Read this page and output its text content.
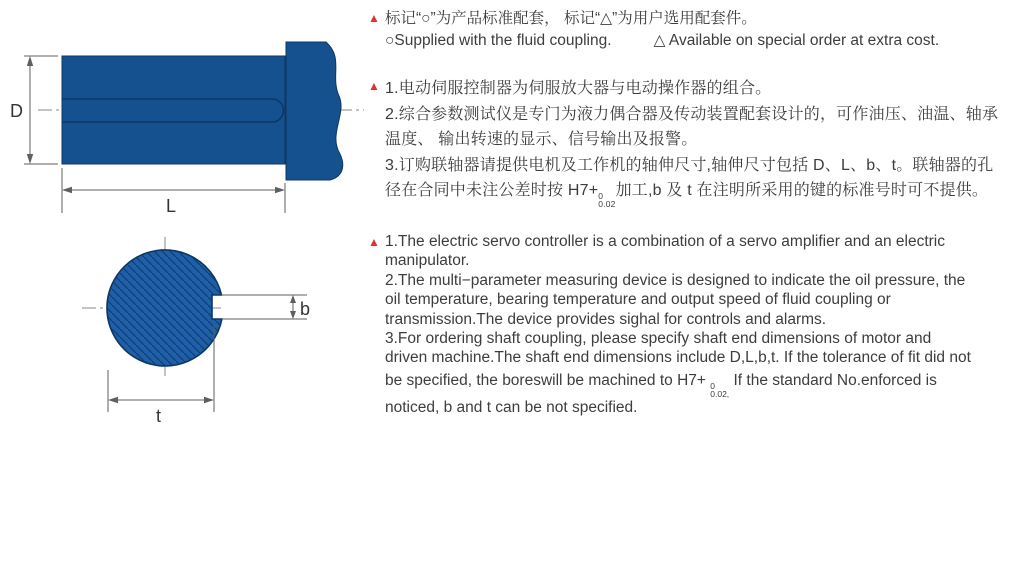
D
L
b
t
▲ 标记“○”为产品标准配套， 标记“△”为用户选用配套件。
○Supplied with the fluid coupling.	△ Available on special order at extra cost.
▲ 1.电动伺服控制器为伺服放大器与电动操作器的组合。
2.综合参数测试仪是专门为液力偶合器及传动装置配套设计的，可作油压、油温、轴承
温度、 输出转速的显示、信号输出及报警。
3.订购联轴器请提供电机及工作机的轴伸尺寸,轴伸尺寸包括 D、L、b、t。联轴器的孔
径在合同中未注公差时按 H7+ 0
0.02
加工,b 及 t 在注明所采用的键的标准号时可不提供。
▲ 1.The electric servo controller is a combination of a servo amplifier and an electric
manipulator.
2.The multi−parameter measuring device is designed to indicate the oil pressure, the
oil temperature, bearing temperature and output speed of fluid coupling or
transmission.The device provides sighal for controls and alarms.
3.For ordering shaft coupling, please specify shaft end dimensions of motor and
driven machine.The shaft end dimensions include D,L,b,t. If the tolerance of fit did not
be specified, the boreswill be machined to H7+ 0
0.02,
If the standard No.enforced is
noticed, b and t can be not specified.
